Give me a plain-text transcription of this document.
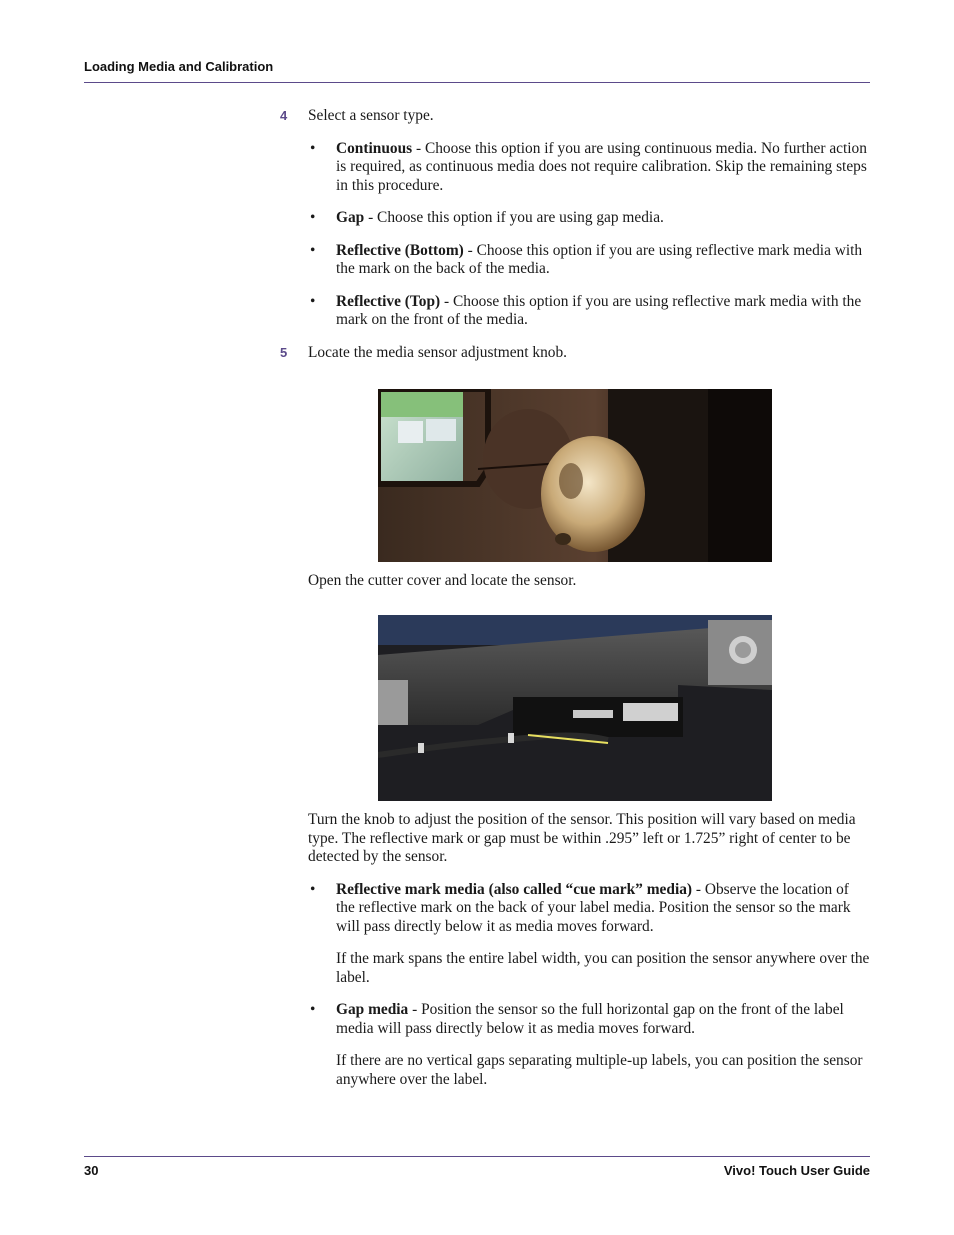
Loading Media and Calibration
4 Select a sensor type.
• Continuous - Choose this option if you are using continuous media. No further action is required, as continuous media does not require calibration. Skip the remaining steps in this procedure.
• Gap - Choose this option if you are using gap media.
• Reflective (Bottom) - Choose this option if you are using reflective mark media with the mark on the back of the media.
• Reflective (Top) - Choose this option if you are using reflective mark media with the mark on the front of the media.
5 Locate the media sensor adjustment knob.
Open the cutter cover and locate the sensor.

Turn the knob to adjust the position of the sensor. This position will vary based on media type. The reflective mark or gap must be within .295” left or 1.725” right of center to be detected by the sensor.

• Reflective mark media (also called “cue mark” media) - Observe the location of the reflective mark on the back of your label media. Position the sensor so the mark will pass directly below it as media moves forward.

If the mark spans the entire label width, you can position the sensor anywhere over the label.

• Gap media - Position the sensor so the full horizontal gap on the front of the label media will pass directly below it as media moves forward.

If there are no vertical gaps separating multiple-up labels, you can position the sensor anywhere over the label.

30	Vivo! Touch User Guide
